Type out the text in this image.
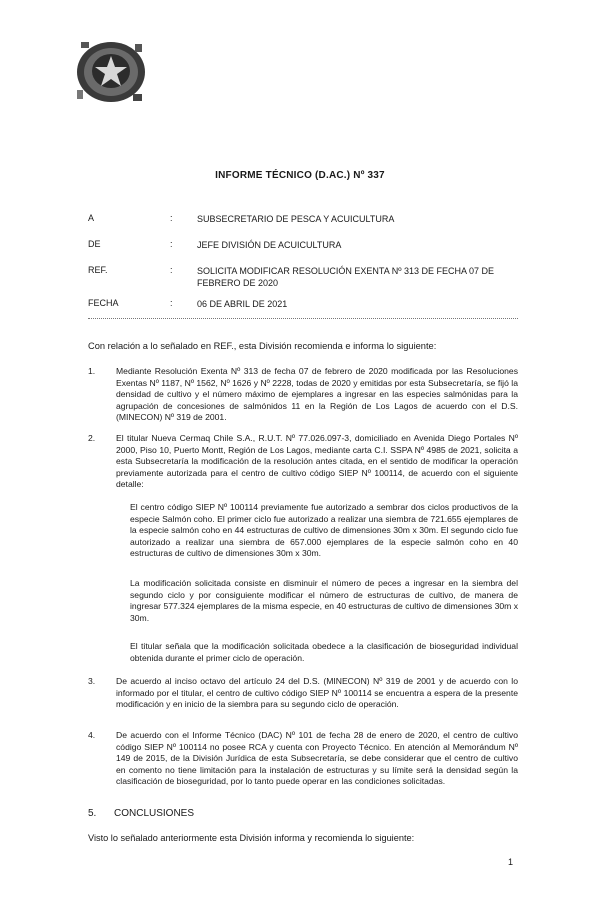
INFORME TÉCNICO (D.AC.) Nº 337
A	:	SUBSECRETARIO DE PESCA Y ACUICULTURA
DE	:	JEFE DIVISIÓN DE ACUICULTURA
REF.	:	SOLICITA MODIFICAR RESOLUCIÓN EXENTA Nº 313 DE FECHA 07 DE FEBRERO DE 2020
FECHA	:	06 DE ABRIL DE 2021
Con relación a lo señalado en REF., esta División recomienda e informa lo siguiente:
1.	Mediante Resolución Exenta Nº 313 de fecha 07 de febrero de 2020 modificada por las Resoluciones Exentas Nº 1187, Nº 1562, Nº 1626 y Nº 2228, todas de 2020 y emitidas por esta Subsecretaría, se fijó la densidad de cultivo y el número máximo de ejemplares a ingresar en las especies salmónidas para la agrupación de concesiones de salmónidos 11 en la Región de Los Lagos de acuerdo con el D.S. (MINECON) Nº 319 de 2001.
2.	El titular Nueva Cermaq Chile S.A., R.U.T. Nº 77.026.097-3, domiciliado en Avenida Diego Portales Nº 2000, Piso 10, Puerto Montt, Región de Los Lagos, mediante carta C.I. SSPA Nº 4985 de 2021, solicita a esta Subsecretaría la modificación de la resolución antes citada, en el sentido de modificar la operación previamente autorizada para el centro de cultivo código SIEP Nº 100114, de acuerdo con el siguiente detalle:
El centro código SIEP Nº 100114 previamente fue autorizado a sembrar dos ciclos productivos de la especie Salmón coho. El primer ciclo fue autorizado a realizar una siembra de 721.655 ejemplares de la especie salmón coho en 44 estructuras de cultivo de dimensiones 30m x 30m. El segundo ciclo fue autorizado a realizar una siembra de 657.000 ejemplares de la especie salmón coho en 40 estructuras de cultivo de dimensiones 30m x 30m.
La modificación solicitada consiste en disminuir el número de peces a ingresar en la siembra del segundo ciclo y por consiguiente modificar el número de estructuras de cultivo, de manera de ingresar 577.324 ejemplares de la misma especie, en 40 estructuras de cultivo de dimensiones 30m x 30m.
El titular señala que la modificación solicitada obedece a la clasificación de bioseguridad individual obtenida durante el primer ciclo de operación.
3.	De acuerdo al inciso octavo del artículo 24 del D.S. (MINECON) Nº 319 de 2001 y de acuerdo con lo informado por el titular, el centro de cultivo código SIEP Nº 100114 se encuentra a espera de la presente modificación y en inicio de la siembra para su segundo ciclo de operación.
4.	De acuerdo con el Informe Técnico (DAC) Nº 101 de fecha 28 de enero de 2020, el centro de cultivo código SIEP Nº 100114 no posee RCA y cuenta con Proyecto Técnico. En atención al Memorándum Nº 149 de 2015, de la División Jurídica de esta Subsecretaría, se debe considerar que el centro de cultivo en comento no tiene limitación para la instalación de estructuras y su límite será la densidad según la clasificación de bioseguridad, por lo tanto puede operar en las condiciones solicitadas.
5. CONCLUSIONES
Visto lo señalado anteriormente esta División informa y recomienda lo siguiente:
1
